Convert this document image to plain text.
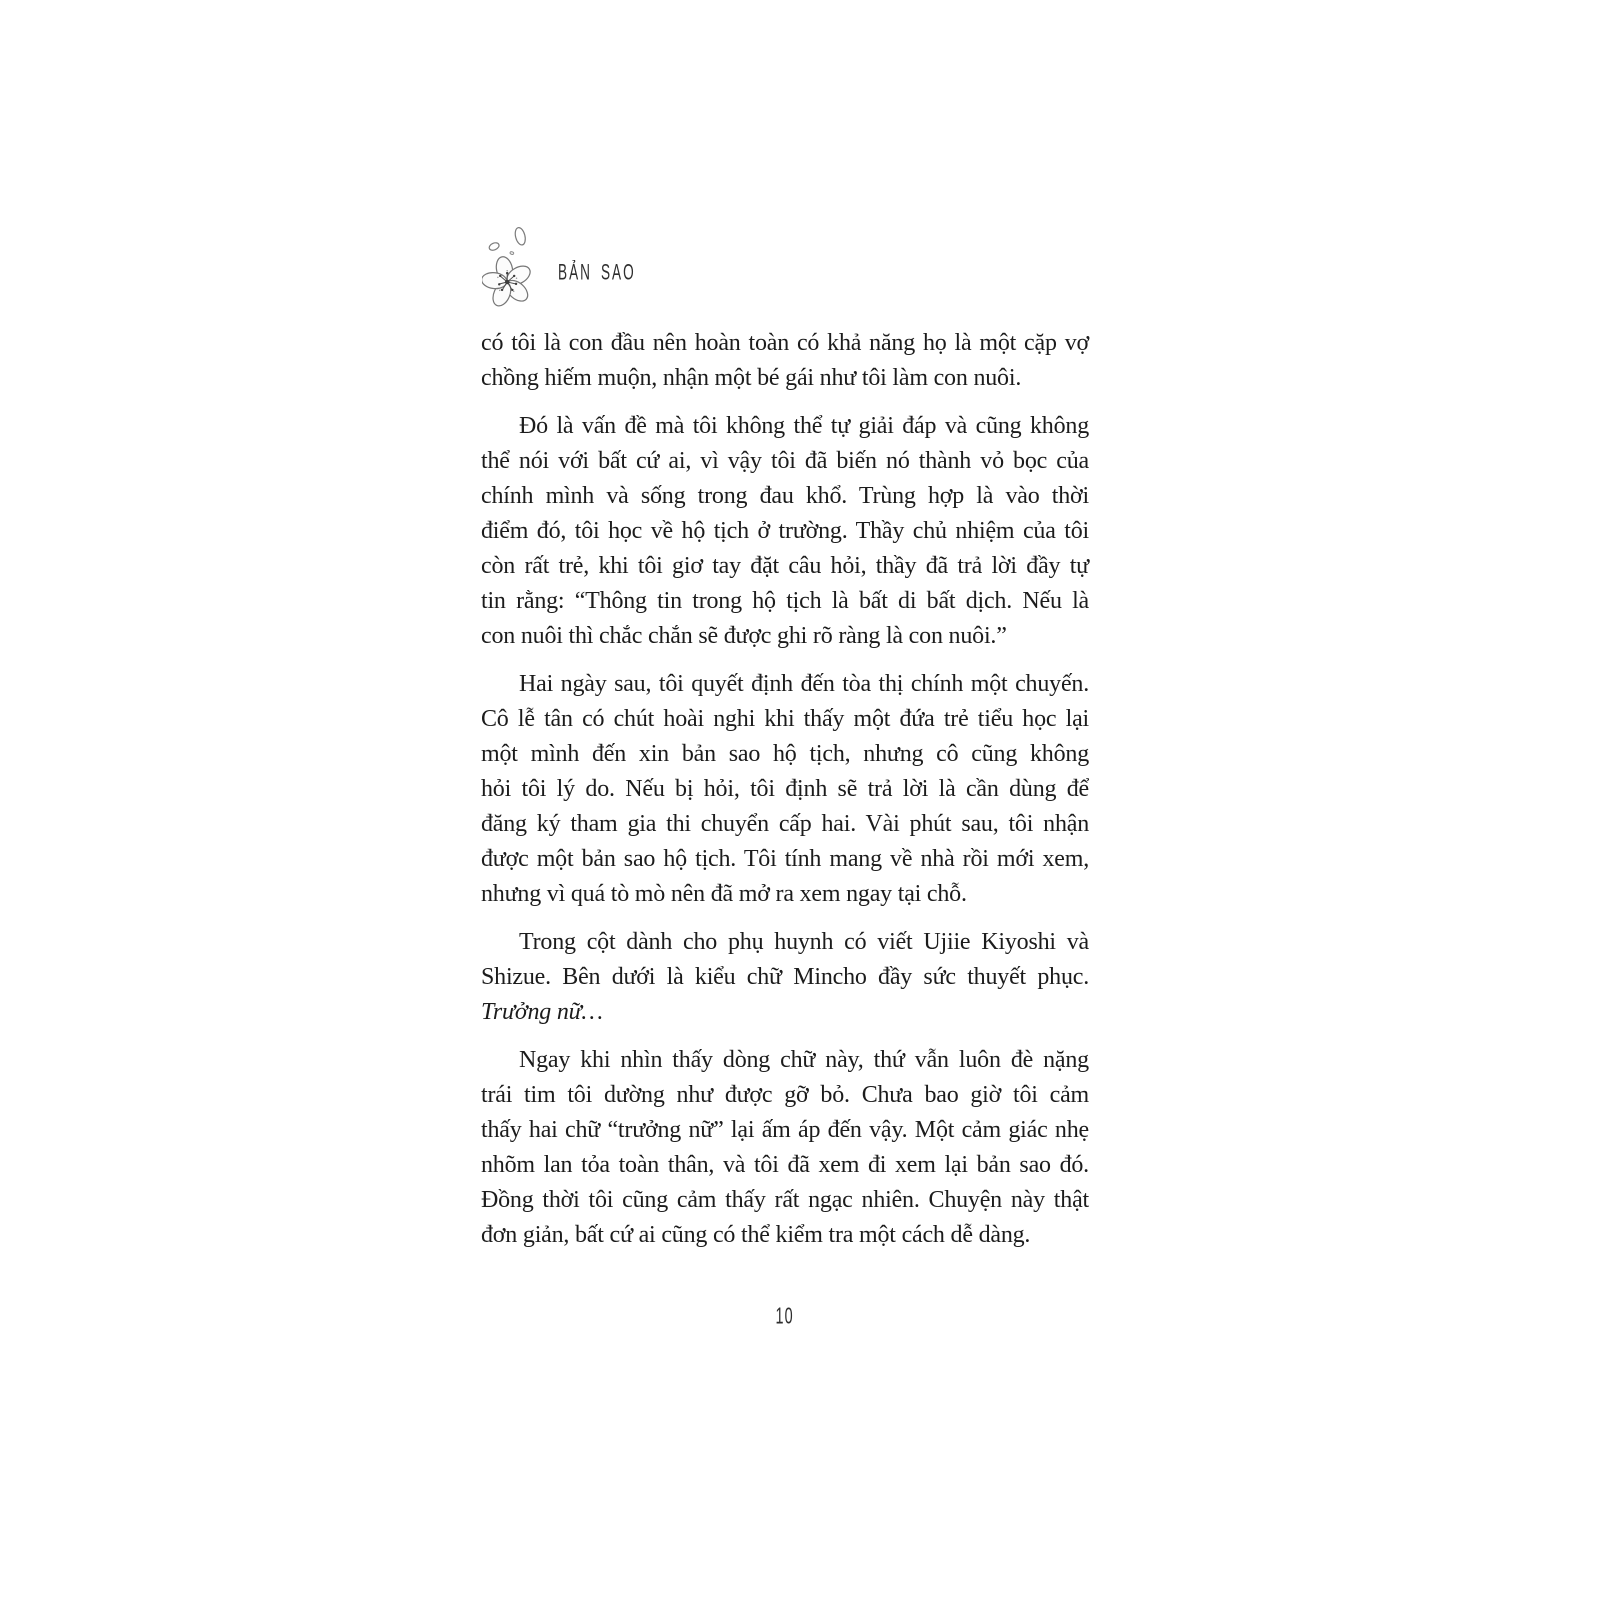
BẢN SAO
có tôi là con đầu nên hoàn toàn có khả năng họ là một cặp vợ
chồng hiếm muộn, nhận một bé gái như tôi làm con nuôi.
Đó là vấn đề mà tôi không thể tự giải đáp và cũng không
thể nói với bất cứ ai, vì vậy tôi đã biến nó thành vỏ bọc của
chính mình và sống trong đau khổ. Trùng hợp là vào thời
điểm đó, tôi học về hộ tịch ở trường. Thầy chủ nhiệm của tôi
còn rất trẻ, khi tôi giơ tay đặt câu hỏi, thầy đã trả lời đầy tự
tin rằng: “Thông tin trong hộ tịch là bất di bất dịch. Nếu là
con nuôi thì chắc chắn sẽ được ghi rõ ràng là con nuôi.”
Hai ngày sau, tôi quyết định đến tòa thị chính một chuyến.
Cô lễ tân có chút hoài nghi khi thấy một đứa trẻ tiểu học lại
một mình đến xin bản sao hộ tịch, nhưng cô cũng không
hỏi tôi lý do. Nếu bị hỏi, tôi định sẽ trả lời là cần dùng để
đăng ký tham gia thi chuyển cấp hai. Vài phút sau, tôi nhận
được một bản sao hộ tịch. Tôi tính mang về nhà rồi mới xem,
nhưng vì quá tò mò nên đã mở ra xem ngay tại chỗ.
Trong cột dành cho phụ huynh có viết Ujiie Kiyoshi và
Shizue. Bên dưới là kiểu chữ Mincho đầy sức thuyết phục.
Trưởng nữ…
Ngay khi nhìn thấy dòng chữ này, thứ vẫn luôn đè nặng
trái tim tôi dường như được gỡ bỏ. Chưa bao giờ tôi cảm
thấy hai chữ “trưởng nữ” lại ấm áp đến vậy. Một cảm giác nhẹ
nhõm lan tỏa toàn thân, và tôi đã xem đi xem lại bản sao đó.
Đồng thời tôi cũng cảm thấy rất ngạc nhiên. Chuyện này thật
đơn giản, bất cứ ai cũng có thể kiểm tra một cách dễ dàng.
10
